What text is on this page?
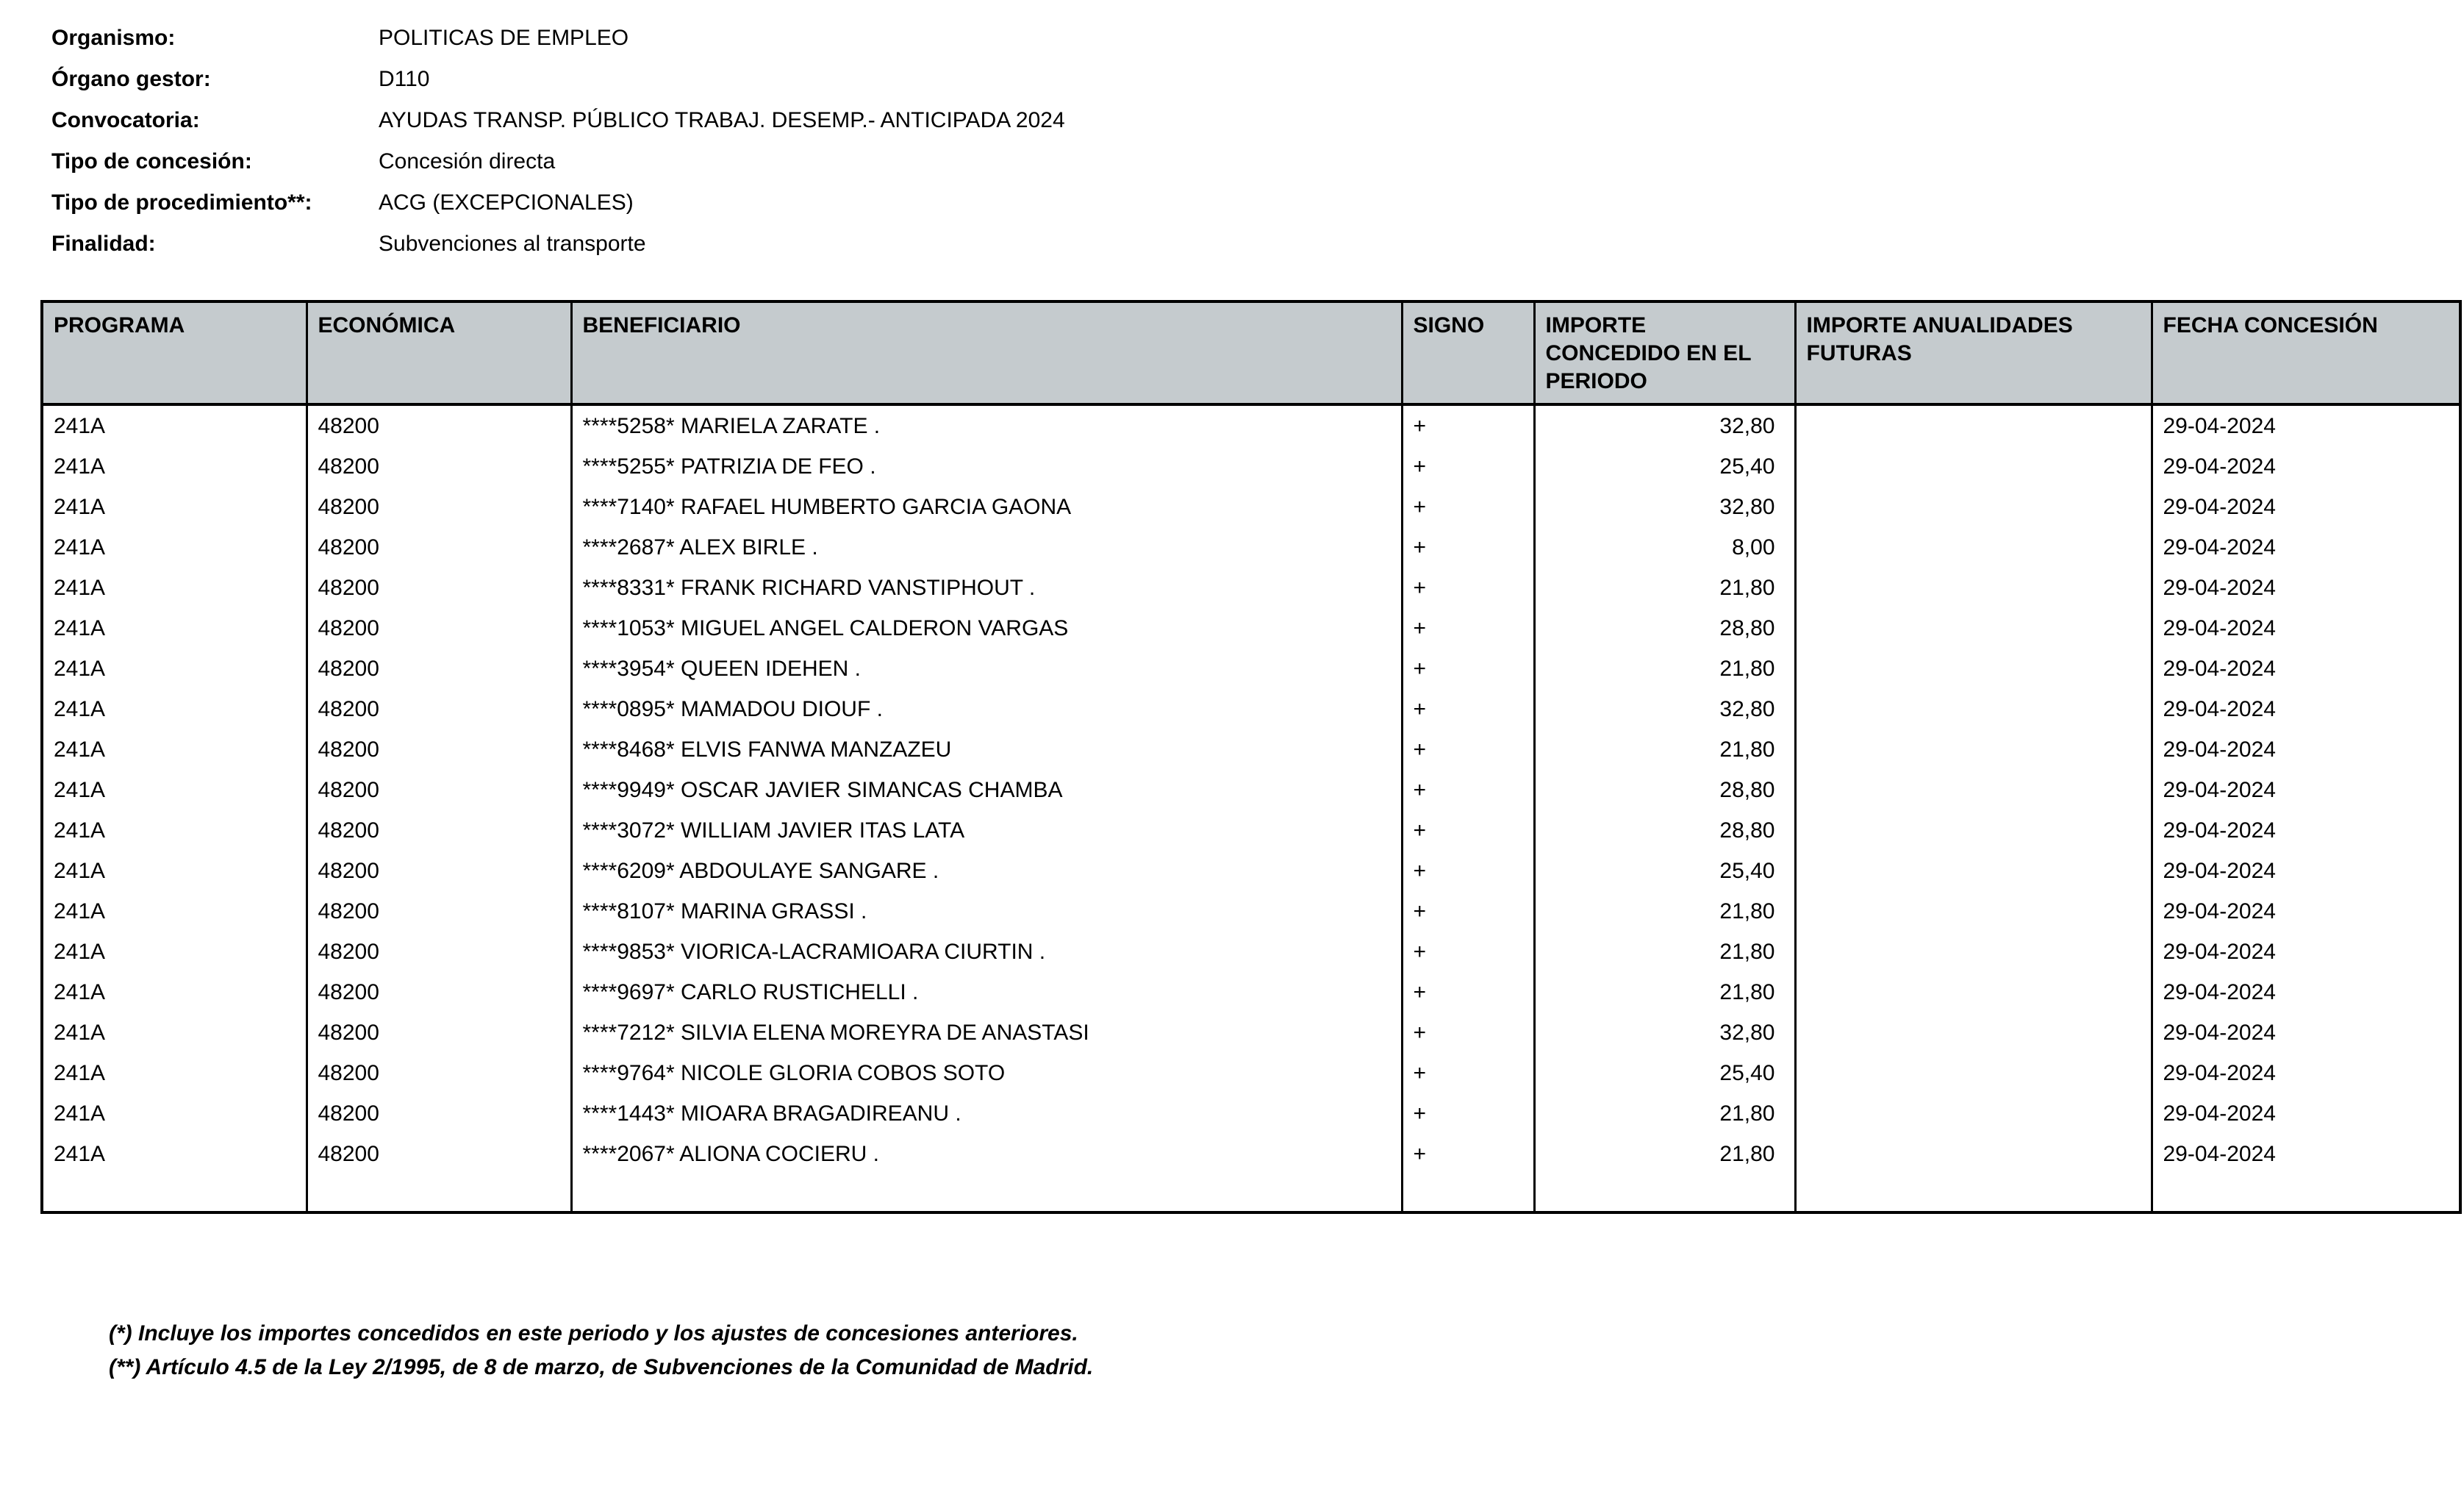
Organismo:	POLITICAS DE EMPLEO
Órgano gestor:	D110
Convocatoria:	AYUDAS TRANSP. PÚBLICO TRABAJ. DESEMP.- ANTICIPADA 2024
Tipo de concesión:	Concesión directa
Tipo de procedimiento**:	ACG (EXCEPCIONALES)
Finalidad:	Subvenciones al transporte
PROGRAMA	ECONÓMICA	BENEFICIARIO	SIGNO	IMPORTE CONCEDIDO EN EL PERIODO	IMPORTE ANUALIDADES FUTURAS	FECHA CONCESIÓN
241A	48200	****5258* MARIELA ZARATE .	+	32,80		29-04-2024
241A	48200	****5255* PATRIZIA DE FEO .	+	25,40		29-04-2024
241A	48200	****7140* RAFAEL HUMBERTO GARCIA GAONA	+	32,80		29-04-2024
241A	48200	****2687* ALEX BIRLE .	+	8,00		29-04-2024
241A	48200	****8331* FRANK RICHARD VANSTIPHOUT .	+	21,80		29-04-2024
241A	48200	****1053* MIGUEL ANGEL CALDERON VARGAS	+	28,80		29-04-2024
241A	48200	****3954* QUEEN IDEHEN .	+	21,80		29-04-2024
241A	48200	****0895* MAMADOU DIOUF .	+	32,80		29-04-2024
241A	48200	****8468* ELVIS FANWA MANZAZEU	+	21,80		29-04-2024
241A	48200	****9949* OSCAR JAVIER SIMANCAS CHAMBA	+	28,80		29-04-2024
241A	48200	****3072* WILLIAM JAVIER ITAS LATA	+	28,80		29-04-2024
241A	48200	****6209* ABDOULAYE SANGARE .	+	25,40		29-04-2024
241A	48200	****8107* MARINA GRASSI .	+	21,80		29-04-2024
241A	48200	****9853* VIORICA-LACRAMIOARA CIURTIN .	+	21,80		29-04-2024
241A	48200	****9697* CARLO RUSTICHELLI .	+	21,80		29-04-2024
241A	48200	****7212* SILVIA ELENA MOREYRA DE ANASTASI	+	32,80		29-04-2024
241A	48200	****9764* NICOLE GLORIA COBOS SOTO	+	25,40		29-04-2024
241A	48200	****1443* MIOARA BRAGADIREANU .	+	21,80		29-04-2024
241A	48200	****2067* ALIONA COCIERU .	+	21,80		29-04-2024

(*) Incluye los importes concedidos en este periodo y los ajustes de concesiones anteriores.
(**) Artículo 4.5 de la Ley 2/1995, de 8 de marzo, de Subvenciones de la Comunidad de Madrid.
